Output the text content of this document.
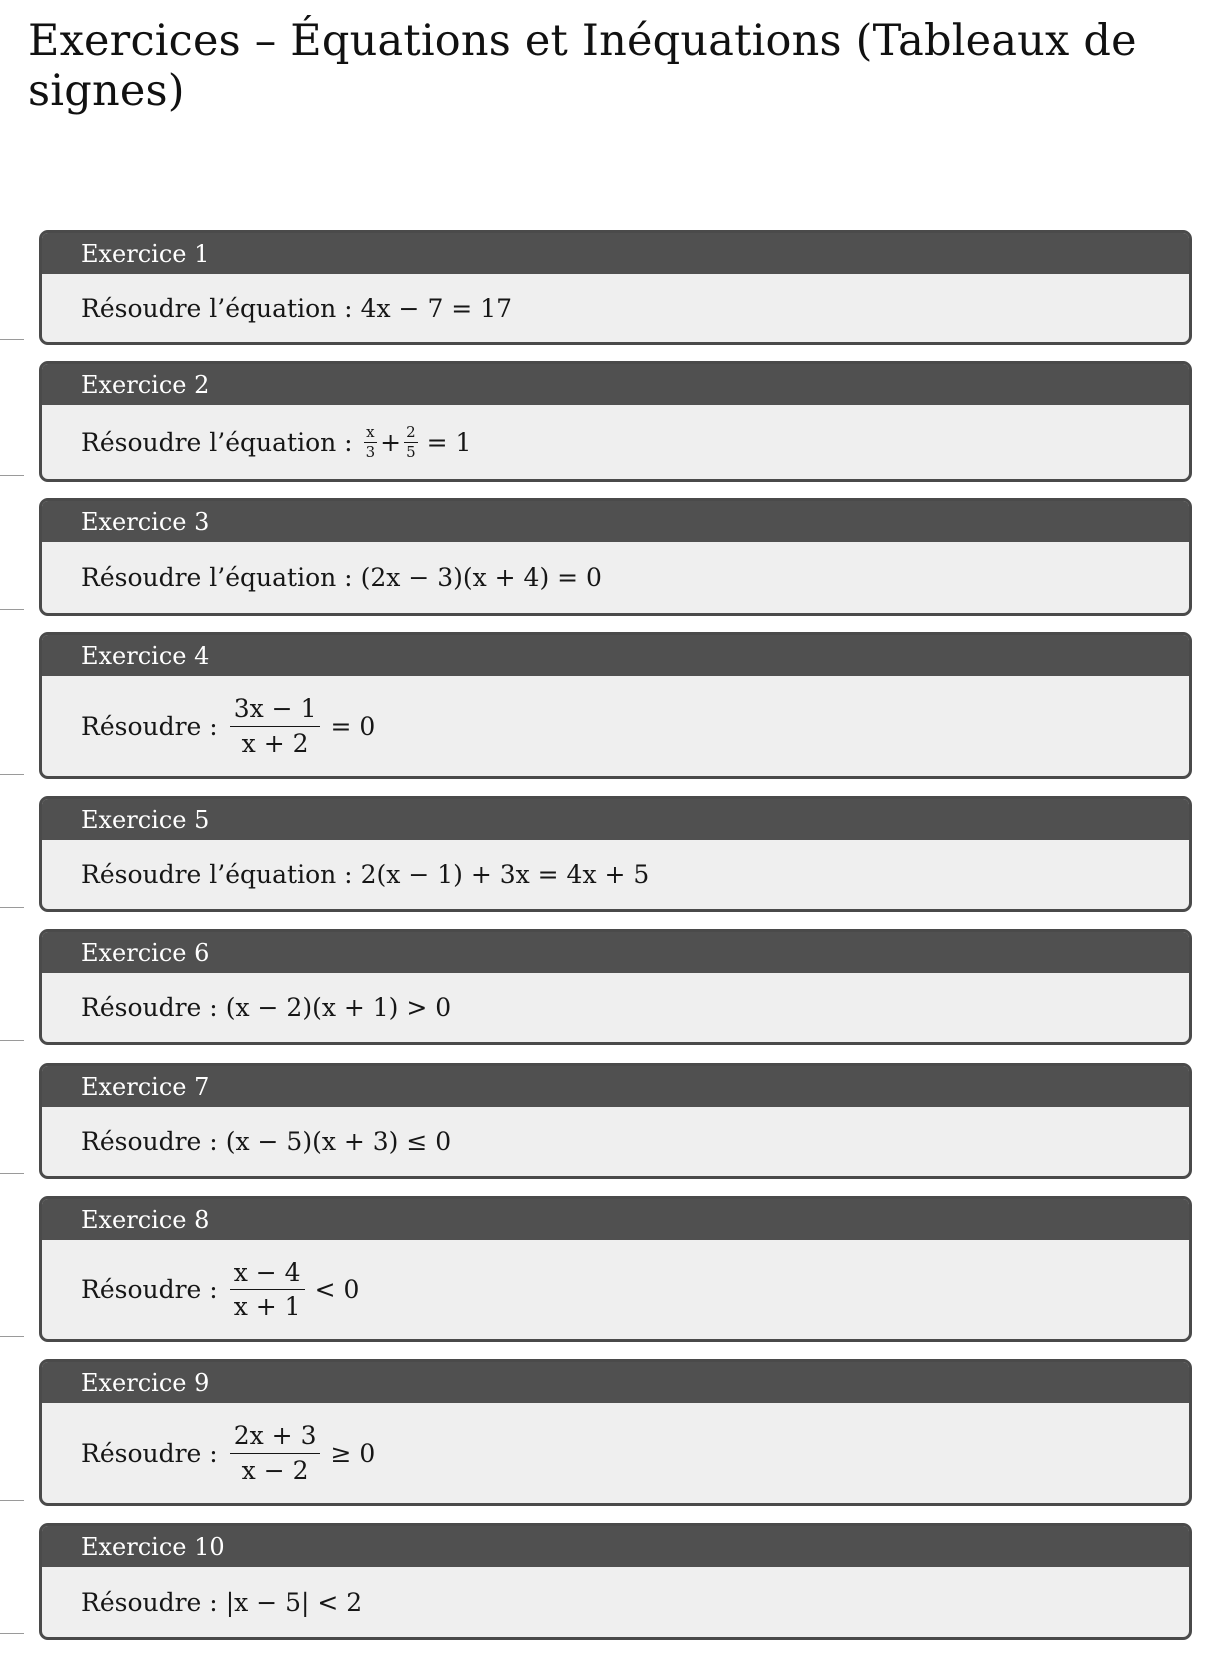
Exercices – Équations et Inéquations (Tableaux de signes)
Exercice 1
Résoudre l’équation : 4x − 7 = 17
Exercice 2
Résoudre l’équation : $\frac{x}{3} + \frac{2}{5} = 1$
Exercice 3
Résoudre l’équation : (2x − 3)(x + 4) = 0
Exercice 4
Résoudre : $\frac{3x - 1}{x + 2} = 0$
Exercice 5
Résoudre l’équation : 2(x − 1) + 3x = 4x + 5
Exercice 6
Résoudre : (x − 2)(x + 1) > 0
Exercice 7
Résoudre : (x − 5)(x + 3) ≤ 0
Exercice 8
Résoudre : $\frac{x - 4}{x + 1} < 0$
Exercice 9
Résoudre : $\frac{2x + 3}{x - 2} \ge 0$
Exercice 10
Résoudre : |x − 5| < 2
